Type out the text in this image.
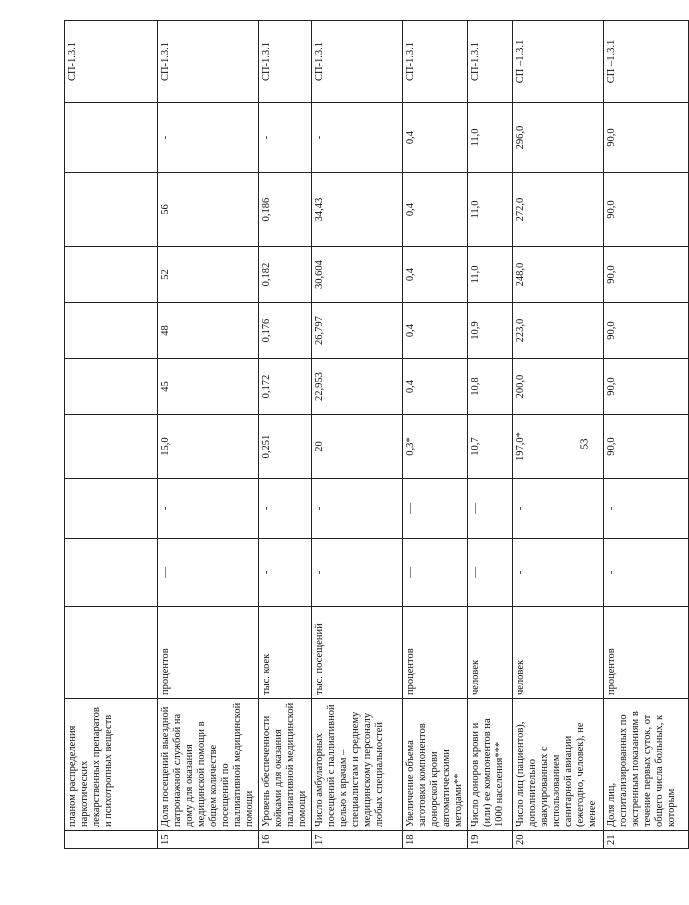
	планом распределения наркотических лекарственных препаратов и психотропных веществ										СП-1.3.1
15	Доля посещений выездной патронажной службой на дому для оказания медицинской помощи в общем количестве посещений по паллиативной медицинской помощи	процентов	—	-	15,0	45	48	52	56	-	СП-1.3.1
16	Уровень обеспеченности койками для оказания паллиативной медицинской помощи	тыс. коек	-	-	0,251	0,172	0,176	0,182	0,186	-	СП-1.3.1
17	Число амбулаторных посещений с паллиативной целью к врачам – специалистам и среднему медицинскому персоналу любых специальностей	тыс. посещений	-	-	20	22,953	26,797	30,604	34,43	-	СП-1.3.1
18	Увеличение объема заготовки компонентов донорской крови автоматическими методами**	процентов	—	—	0,3*	0,4	0,4	0,4	0,4	0,4	СП-1.3.1
19	Число доноров крови и (или) ее компонентов на 1000 населения***	человек	—	—	10,7	10,8	10,9	11,0	11,0	11,0	СП-1.3.1
20	Число лиц (пациентов), дополнительно эвакуированных с использованием санитарной авиации (ежегодно, человек), не менее	человек	-	-	197,0*	200,0	223,0	248,0	272,0	296,0	СП –1.3.1
21	Доля лиц, госпитализированных по экстренным показаниям в течение первых суток, от общего числа больных, к которым	процентов	-	-	90,0	90,0	90,0	90,0	90,0	90,0	СП –1.3.1
53
